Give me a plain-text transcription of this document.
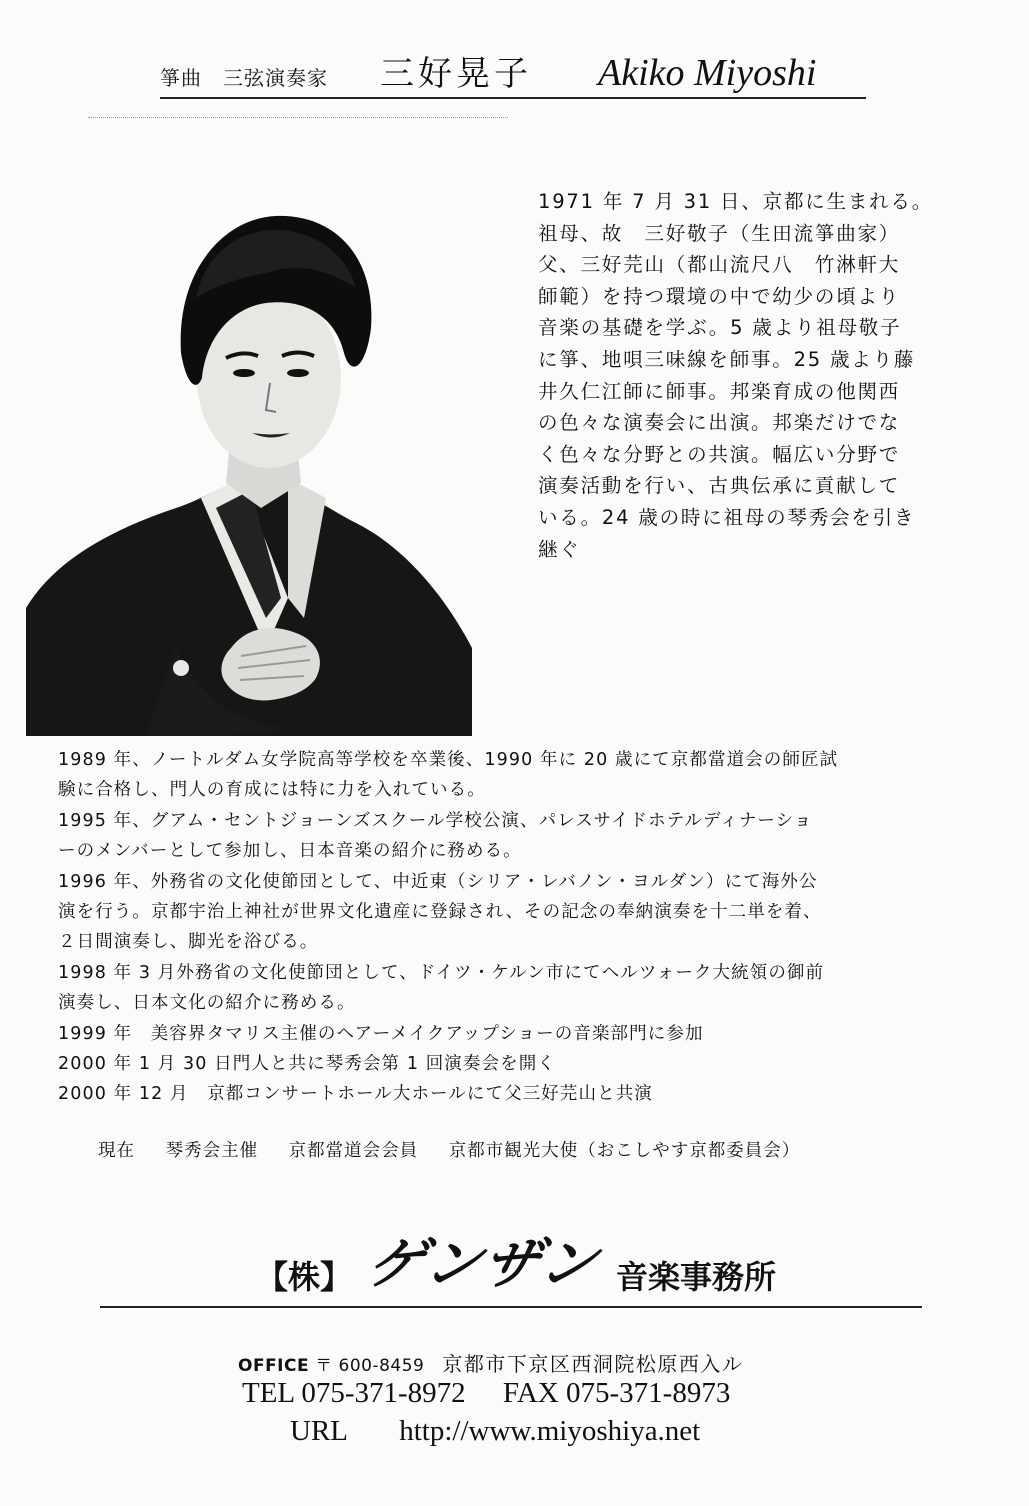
箏曲　三弦演奏家 三好晃子 Akiko Miyoshi
1971 年 7 月 31 日、京都に生まれる。
祖母、故　三好敬子（生田流箏曲家）
父、三好芫山（都山流尺八　竹淋軒大
師範）を持つ環境の中で幼少の頃より
音楽の基礎を学ぶ。5 歳より祖母敬子
に箏、地唄三味線を師事。25 歳より藤
井久仁江師に師事。邦楽育成の他関西
の色々な演奏会に出演。邦楽だけでな
く色々な分野との共演。幅広い分野で
演奏活動を行い、古典伝承に貢献して
いる。24 歳の時に祖母の琴秀会を引き
継ぐ
1989 年、ノートルダム女学院高等学校を卒業後、1990 年に 20 歳にて京都當道会の師匠試
験に合格し、門人の育成には特に力を入れている。
1995 年、グアム・セントジョーンズスクール学校公演、パレスサイドホテルディナーショ
ーのメンバーとして参加し、日本音楽の紹介に務める。
1996 年、外務省の文化使節団として、中近東（シリア・レバノン・ヨルダン）にて海外公
演を行う。京都宇治上神社が世界文化遺産に登録され、その記念の奉納演奏を十二単を着、
２日間演奏し、脚光を浴びる。
1998 年 3 月外務省の文化使節団として、ドイツ・ケルン市にてヘルツォーク大統領の御前
演奏し、日本文化の紹介に務める。
1999 年　美容界タマリス主催のヘアーメイクアップショーの音楽部門に参加
2000 年 1 月 30 日門人と共に琴秀会第 1 回演奏会を開く
2000 年 12 月　京都コンサートホール大ホールにて父三好芫山と共演
現在 琴秀会主催 京都當道会会員 京都市観光大使（おこしやす京都委員会）
【株】 ゲンザン 音楽事務所
OFFICE 〒 600-8459 京都市下京区西洞院松原西入ル
TEL 075-371-8972 FAX 075-371-8973
URL http://www.miyoshiya.net
